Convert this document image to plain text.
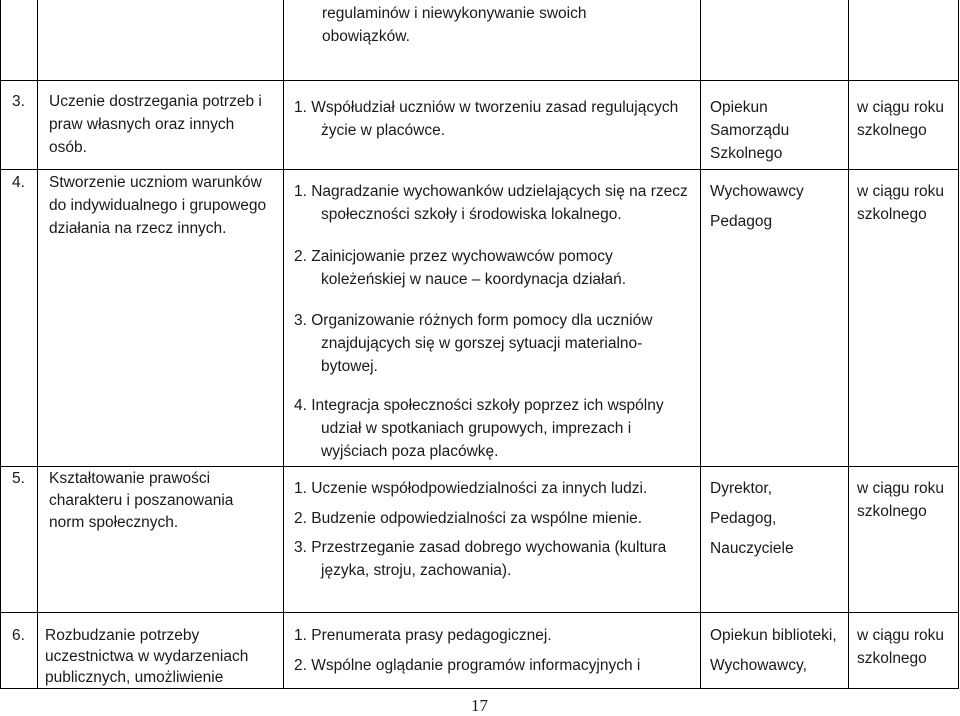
regulaminów i niewykonywanie swoich
obowiązków.
3. Uczenie dostrzegania potrzeb i
praw własnych oraz innych
osób.
1. Współudział uczniów w tworzeniu zasad regulujących
życie w placówce.
Opiekun
Samorządu
Szkolnego
w ciągu roku
szkolnego
4. Stworzenie uczniom warunków
do indywidualnego i grupowego
działania na rzecz innych.
1. Nagradzanie wychowanków udzielających się na rzecz
społeczności szkoły i środowiska lokalnego.
2. Zainicjowanie przez wychowawców pomocy
koleżeńskiej w nauce – koordynacja działań.
3. Organizowanie różnych form pomocy dla uczniów
znajdujących się w gorszej sytuacji materialno-
bytowej.
4. Integracja społeczności szkoły poprzez ich wspólny
udział w spotkaniach grupowych, imprezach i
wyjściach poza placówkę.
Wychowawcy
Pedagog
w ciągu roku
szkolnego
5. Kształtowanie prawości
charakteru i poszanowania
norm społecznych.
1. Uczenie współodpowiedzialności za innych ludzi.
2. Budzenie odpowiedzialności za wspólne mienie.
3. Przestrzeganie zasad dobrego wychowania (kultura
języka, stroju, zachowania).
Dyrektor,
Pedagog,
Nauczyciele
w ciągu roku
szkolnego
6. Rozbudzanie potrzeby
uczestnictwa w wydarzeniach
publicznych, umożliwienie
1. Prenumerata prasy pedagogicznej.
2. Wspólne oglądanie programów informacyjnych i
Opiekun biblioteki,
Wychowawcy,
w ciągu roku
szkolnego
17
